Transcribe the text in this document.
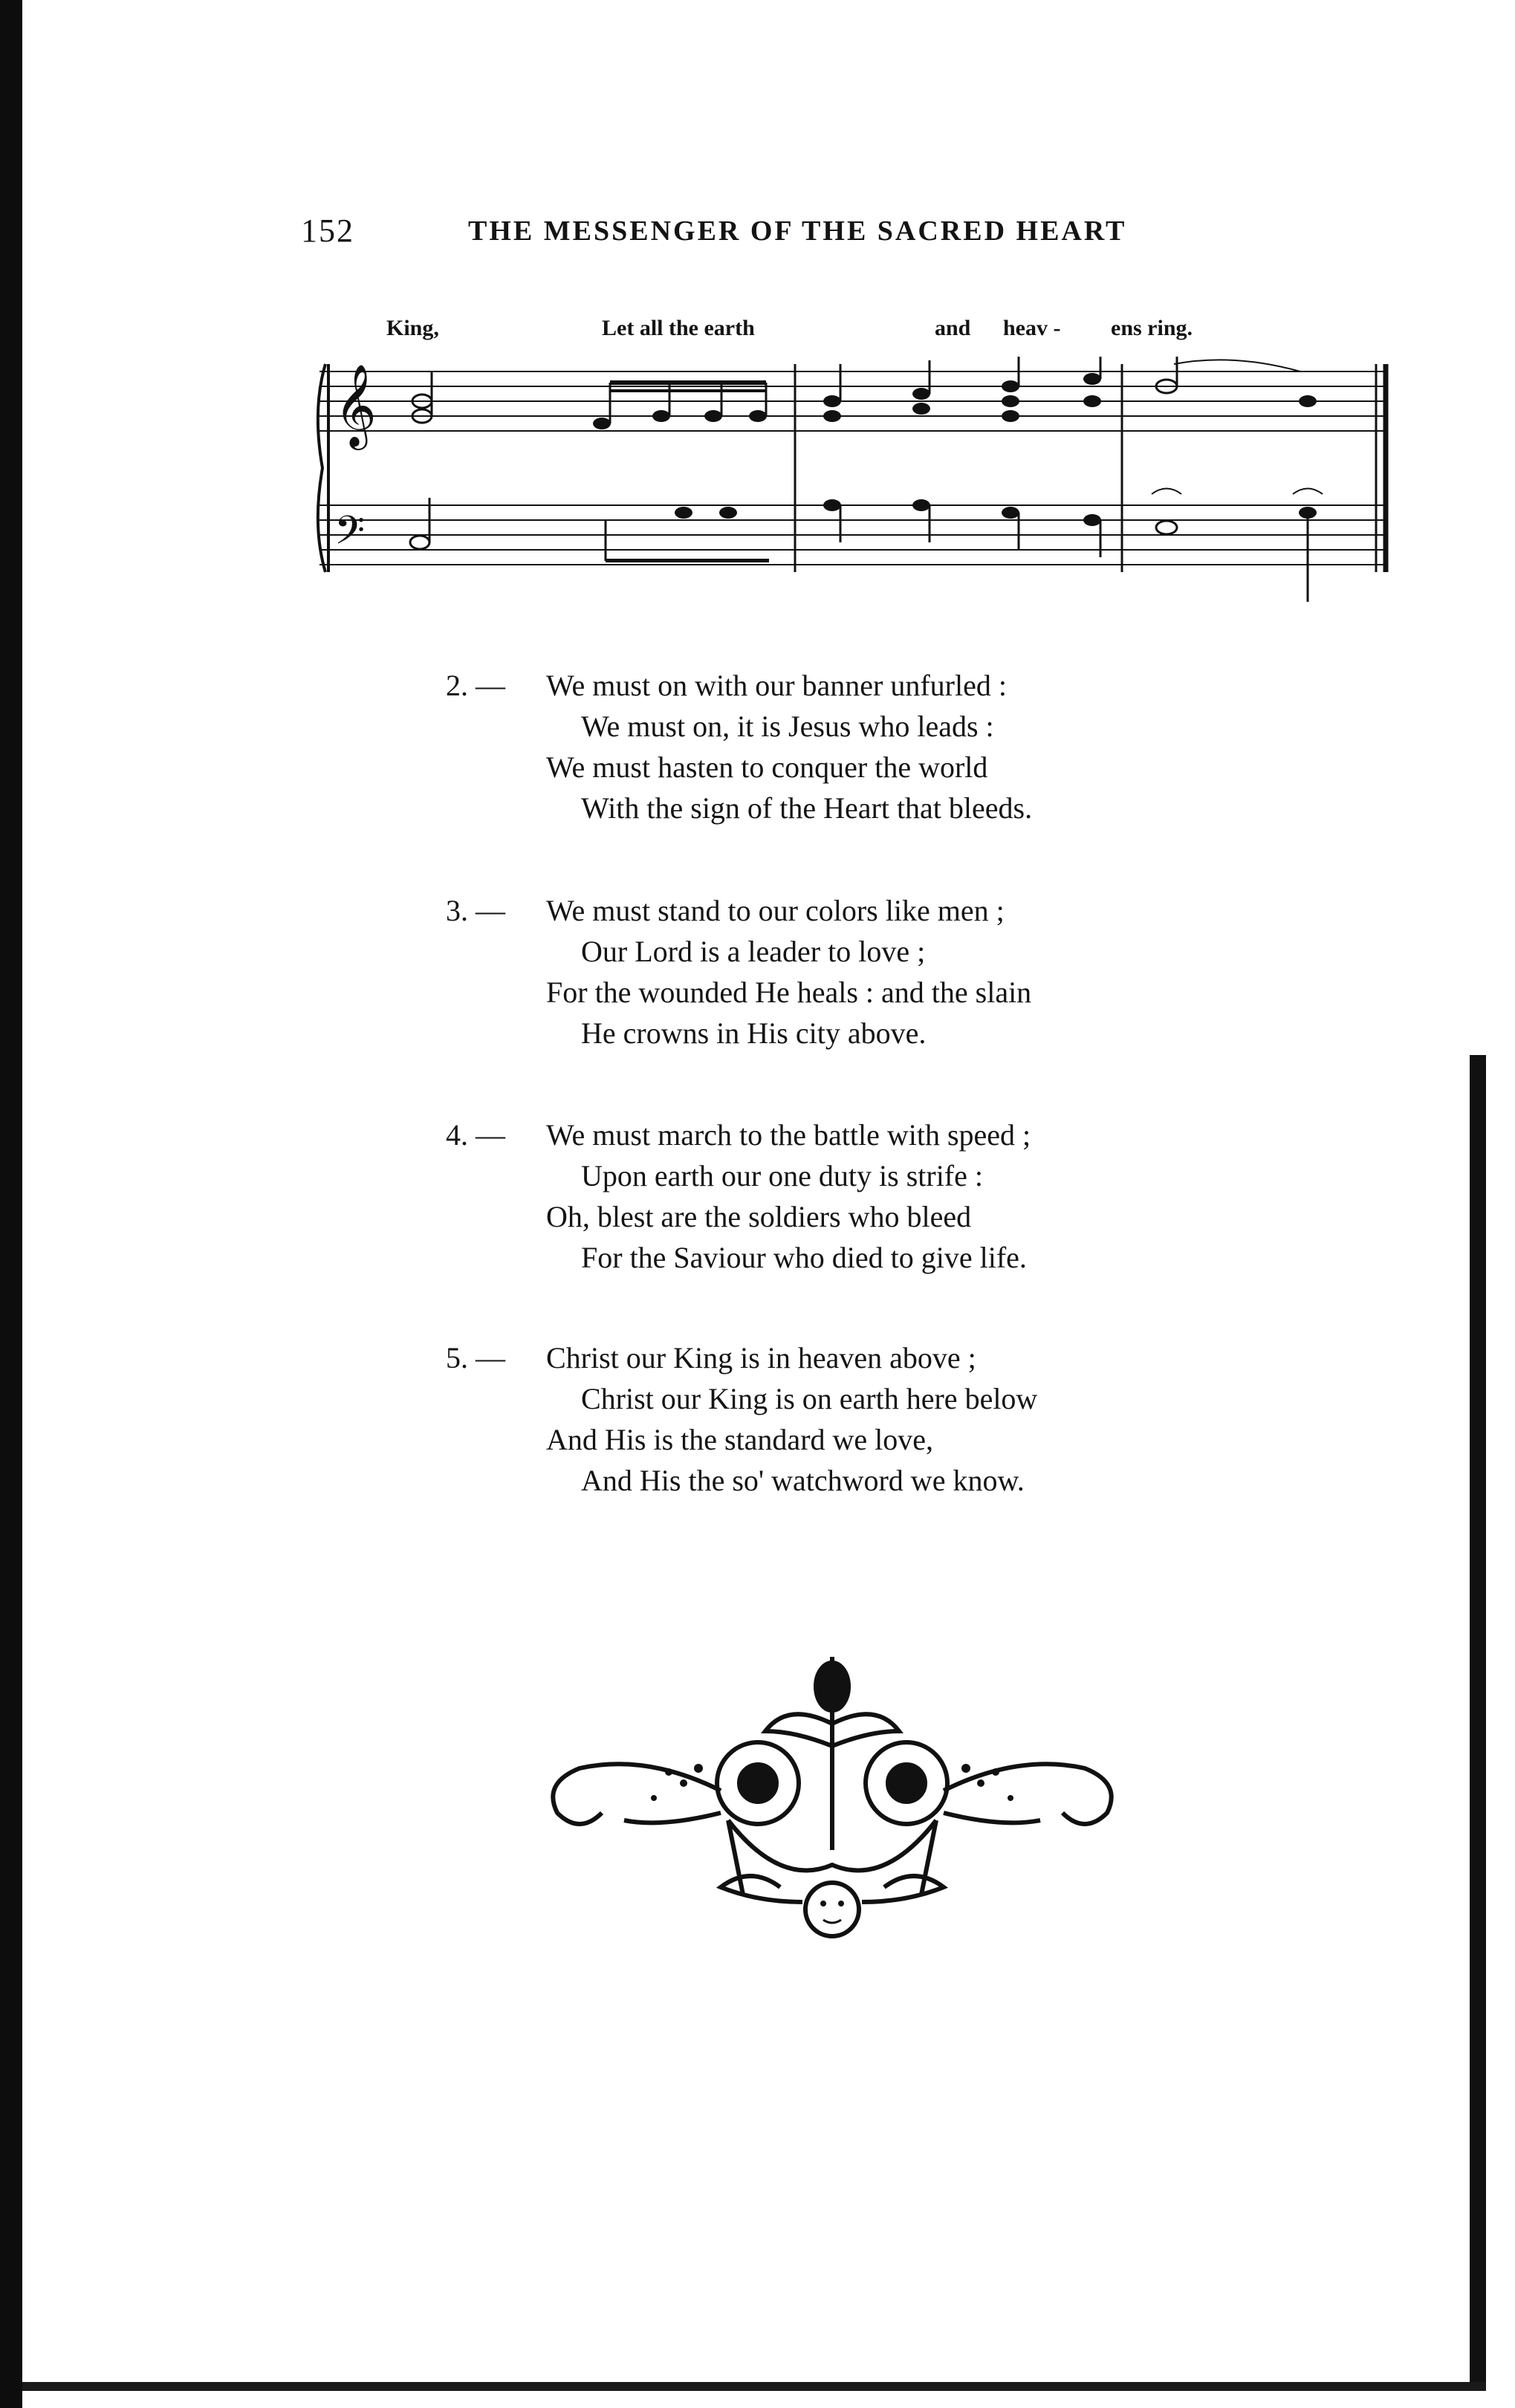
152	THE MESSENGER OF THE SACRED HEART
King,	Let all the earth	and heav - ens ring.
𝄞
𝄢
2. — We must on with our banner unfurled :
We must on, it is Jesus who leads :
We must hasten to conquer the world
With the sign of the Heart that bleeds.
3. — We must stand to our colors like men ;
Our Lord is a leader to love ;
For the wounded He heals : and the slain
He crowns in His city above.
4. — We must march to the battle with speed ;
Upon earth our one duty is strife :
Oh, blest are the soldiers who bleed
For the Saviour who died to give life.
5. — Christ our King is in heaven above ;
Christ our King is on earth here below
And His is the standard we love,
And His the so' watchword we know.
